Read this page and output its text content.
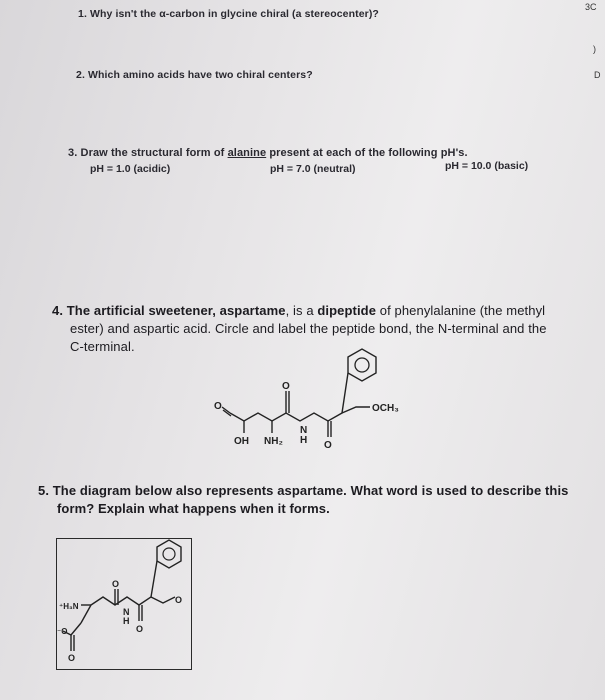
1. Why isn't the α-carbon in glycine chiral (a stereocenter)?

2. Which amino acids have two chiral centers?

3. Draw the structural form of alanine present at each of the following pH's.

pH = 1.0 (acidic)	pH = 7.0 (neutral)	pH = 10.0 (basic)
4. The artificial sweetener, aspartame, is a dipeptide of phenylalanine (the methyl
ester) and aspartic acid. Circle and label the peptide bond, the N-terminal and the
C-terminal.
O
O	OCH₃
N
H O
OH NH₂
5. The diagram below also represents aspartame. What word is used to describe this
form? Explain what happens when it forms.
⁺H₃N
O
O
N
H
O
⁻O
O
3C
)
D
